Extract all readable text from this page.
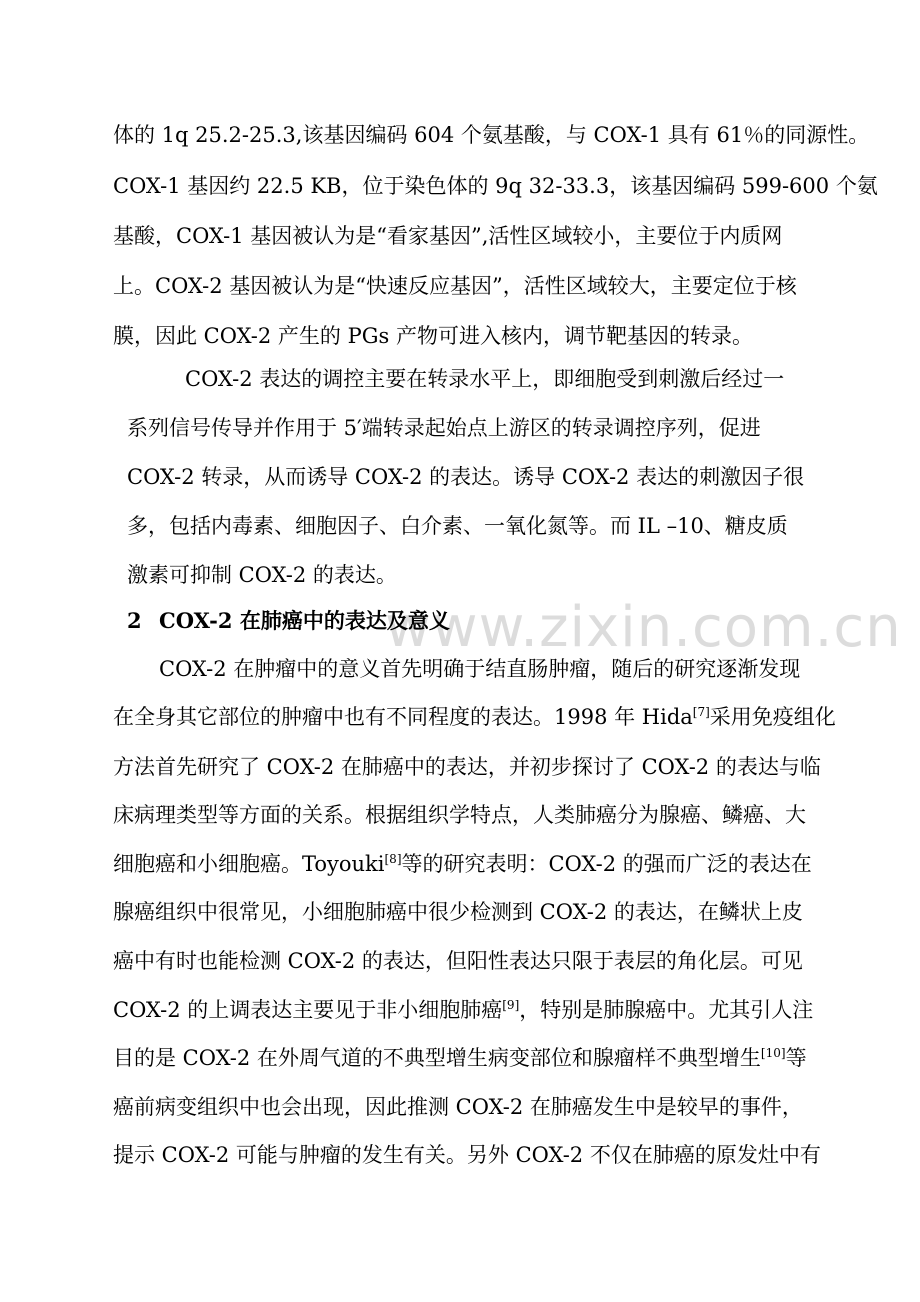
www.zixin.com.cn
体的 1q 25.2-25.3,该基因编码 604 个氨基酸，与 COX-1 具有 61％的同源性。
COX-1 基因约 22.5 KB，位于染色体的 9q 32-33.3，该基因编码 599-600 个氨
基酸，COX-1 基因被认为是“看家基因”,活性区域较小，主要位于内质网
上。COX-2 基因被认为是“快速反应基因”，活性区域较大，主要定位于核
膜，因此 COX-2 产生的 PGs 产物可进入核内，调节靶基因的转录。
COX-2 表达的调控主要在转录水平上，即细胞受到刺激后经过一
系列信号传导并作用于 5′端转录起始点上游区的转录调控序列，促进
COX-2 转录，从而诱导 COX-2 的表达。诱导 COX-2 表达的刺激因子很
多，包括内毒素、细胞因子、白介素、一氧化氮等。而 IL –10、糖皮质
激素可抑制 COX-2 的表达。
2 COX-2 在肺癌中的表达及意义
COX-2 在肿瘤中的意义首先明确于结直肠肿瘤，随后的研究逐渐发现
在全身其它部位的肿瘤中也有不同程度的表达。1998 年 Hida[7]采用免疫组化
方法首先研究了 COX-2 在肺癌中的表达，并初步探讨了 COX-2 的表达与临
床病理类型等方面的关系。根据组织学特点，人类肺癌分为腺癌、鳞癌、大
细胞癌和小细胞癌。Toyouki[8]等的研究表明：COX-2 的强而广泛的表达在
腺癌组织中很常见，小细胞肺癌中很少检测到 COX-2 的表达，在鳞状上皮
癌中有时也能检测 COX-2 的表达，但阳性表达只限于表层的角化层。可见
COX-2 的上调表达主要见于非小细胞肺癌[9]，特别是肺腺癌中。尤其引人注
目的是 COX-2 在外周气道的不典型增生病变部位和腺瘤样不典型增生[10]等
癌前病变组织中也会出现，因此推测 COX-2 在肺癌发生中是较早的事件，
提示 COX-2 可能与肿瘤的发生有关。另外 COX-2 不仅在肺癌的原发灶中有
